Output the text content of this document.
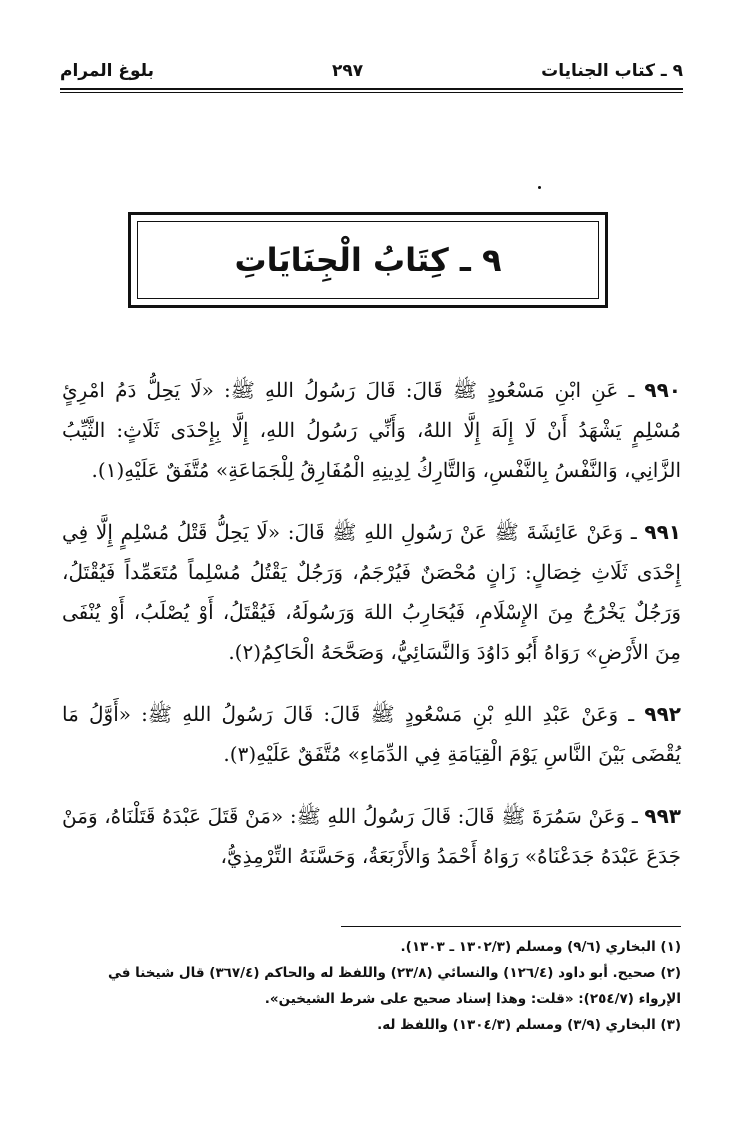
٩ ـ كتاب الجنايات
٢٩٧
بلوغ المرام
٩ ـ كِتَابُ الْجِنَايَاتِ

٩٩٠ ـ عَنِ ابْنِ مَسْعُودٍ ﷺ قَالَ: قَالَ رَسُولُ اللهِ ﷺ: «لَا يَحِلُّ دَمُ امْرِئٍ مُسْلِمٍ يَشْهَدُ أَنْ لَا إِلَهَ إِلَّا اللهُ، وَأَنِّي رَسُولُ اللهِ، إِلَّا بِإِحْدَى ثَلَاثٍ: الثَّيِّبُ الزَّانِي، وَالنَّفْسُ بِالنَّفْسِ، وَالتَّارِكُ لِدِينِهِ الْمُفَارِقُ لِلْجَمَاعَةِ» مُتَّفَقٌ عَلَيْهِ(١).

٩٩١ ـ وَعَنْ عَائِشَةَ ﷺ عَنْ رَسُولِ اللهِ ﷺ قَالَ: «لَا يَحِلُّ قَتْلُ مُسْلِمٍ إِلَّا فِي إِحْدَى ثَلَاثِ خِصَالٍ: زَانٍ مُحْصَنٌ فَيُرْجَمُ، وَرَجُلٌ يَقْتُلُ مُسْلِماً مُتَعَمِّداً فَيُقْتَلُ، وَرَجُلٌ يَخْرُجُ مِنَ الإِسْلَامِ، فَيُحَارِبُ اللهَ وَرَسُولَهُ، فَيُقْتَلُ، أَوْ يُصْلَبُ، أَوْ يُنْفَى مِنَ الأَرْضِ» رَوَاهُ أَبُو دَاوُدَ وَالنَّسَائِيُّ، وَصَحَّحَهُ الْحَاكِمُ(٢).

٩٩٢ ـ وَعَنْ عَبْدِ اللهِ بْنِ مَسْعُودٍ ﷺ قَالَ: قَالَ رَسُولُ اللهِ ﷺ: «أَوَّلُ مَا يُقْضَى بَيْنَ النَّاسِ يَوْمَ الْقِيَامَةِ فِي الدِّمَاءِ» مُتَّفَقٌ عَلَيْهِ(٣).

٩٩٣ ـ وَعَنْ سَمُرَةَ ﷺ قَالَ: قَالَ رَسُولُ اللهِ ﷺ: «مَنْ قَتَلَ عَبْدَهُ قَتَلْنَاهُ، وَمَنْ جَدَعَ عَبْدَهُ جَدَعْنَاهُ» رَوَاهُ أَحْمَدُ وَالأَرْبَعَةُ، وَحَسَّنَهُ التِّرْمِذِيُّ،

(١) البخاري (٩/٦) ومسلم (١٣٠٢/٣ ـ ١٣٠٣).

(٢) صحيح. أبو داود (١٢٦/٤) والنسائي (٢٣/٨) واللفظ له والحاكم (٣٦٧/٤) قال شيخنا في الإرواء (٢٥٤/٧): «قلت: وهذا إسناد صحيح على شرط الشيخين».

(٣) البخاري (٣/٩) ومسلم (١٣٠٤/٣) واللفظ له.
